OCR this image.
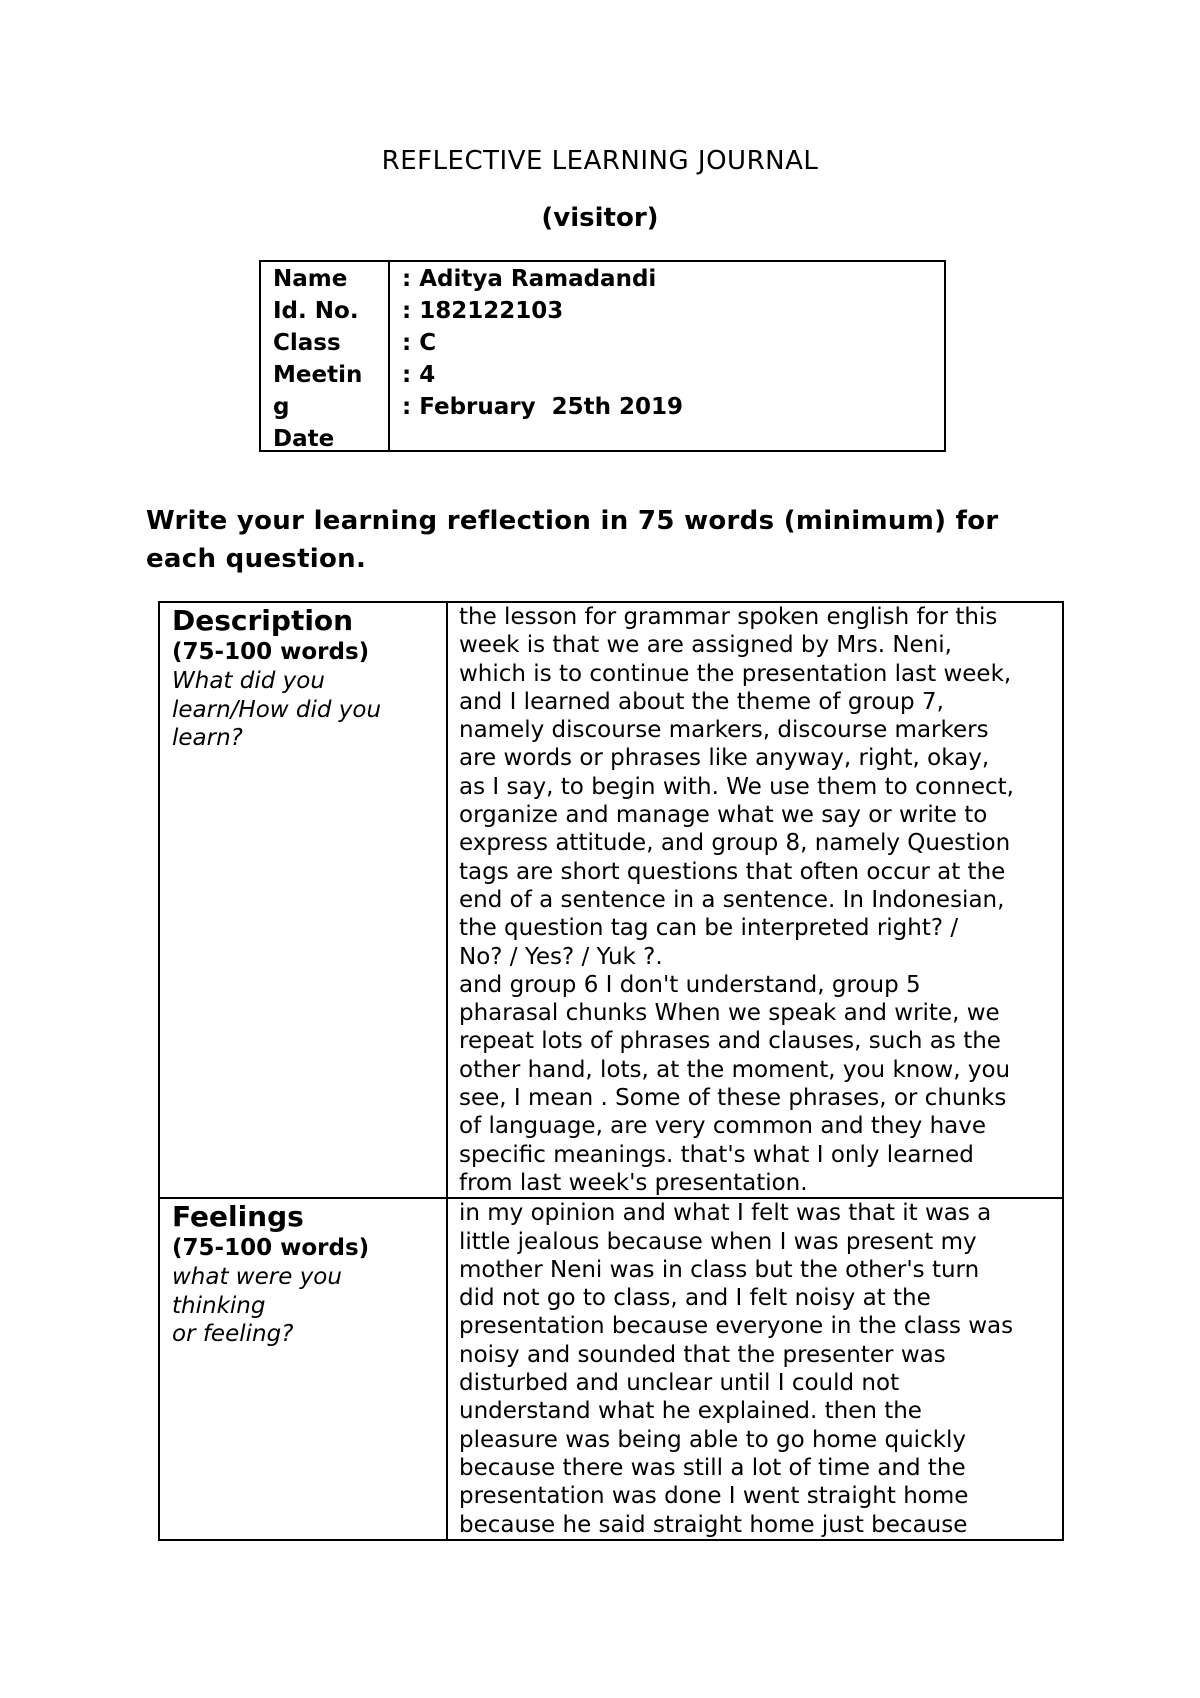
REFLECTIVE LEARNING JOURNAL
(visitor)
Name
Id. No.
Class
Meetin
g
Date
: Aditya Ramadandi
: 182122103
: C
: 4
: February  25th 2019
Write your learning reflection in 75 words (minimum) for
each question.
Description
(75-100 words)
What did you
learn/How did you
learn?
the lesson for grammar spoken english for this
week is that we are assigned by Mrs. Neni,
which is to continue the presentation last week,
and I learned about the theme of group 7,
namely discourse markers, discourse markers
are words or phrases like anyway, right, okay,
as I say, to begin with. We use them to connect,
organize and manage what we say or write to
express attitude, and group 8, namely Question
tags are short questions that often occur at the
end of a sentence in a sentence. In Indonesian,
the question tag can be interpreted right? /
No? / Yes? / Yuk ?.
and group 6 I don't understand, group 5
pharasal chunks When we speak and write, we
repeat lots of phrases and clauses, such as the
other hand, lots, at the moment, you know, you
see, I mean . Some of these phrases, or chunks
of language, are very common and they have
specific meanings. that's what I only learned
from last week's presentation.
Feelings
(75-100 words)
what were you
thinking
or feeling?
in my opinion and what I felt was that it was a
little jealous because when I was present my
mother Neni was in class but the other's turn
did not go to class, and I felt noisy at the
presentation because everyone in the class was
noisy and sounded that the presenter was
disturbed and unclear until I could not
understand what he explained. then the
pleasure was being able to go home quickly
because there was still a lot of time and the
presentation was done I went straight home
because he said straight home just because
